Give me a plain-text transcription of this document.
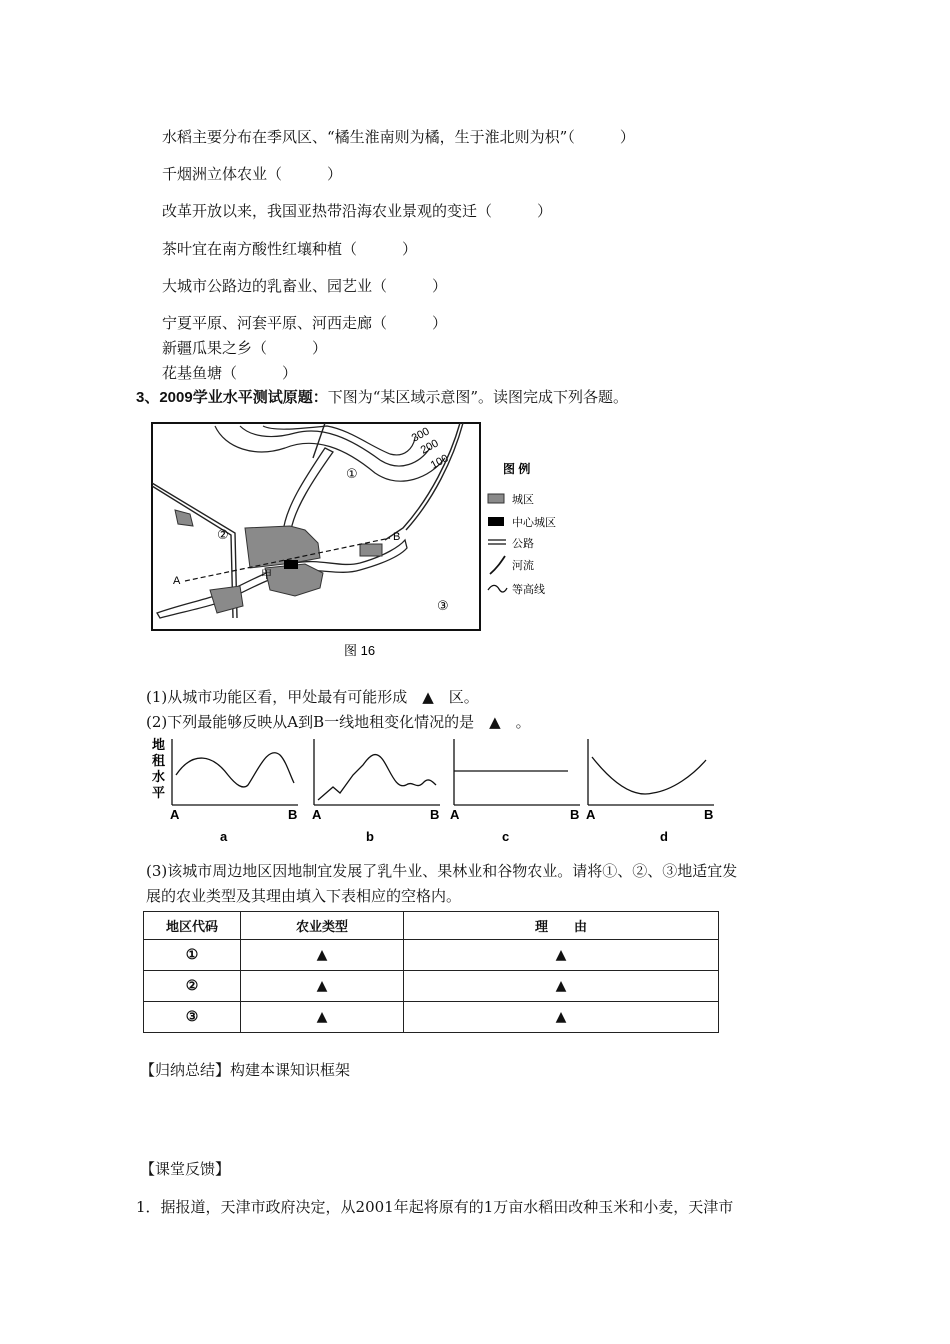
水稻主要分布在季风区、“橘生淮南则为橘，生于淮北则为枳”（　　　）
千烟洲立体农业（　　　）
改革开放以来，我国亚热带沿海农业景观的变迁（　　　）
茶叶宜在南方酸性红壤种植（　　　）
大城市公路边的乳畜业、园艺业（　　　）
宁夏平原、河套平原、河西走廊（　　　）
新疆瓜果之乡（　　　）
花基鱼塘（　　　）
3、2009学业水平测试原题：下图为“某区域示意图”。读图完成下列各题。
300
200
100
A
B
甲
①
②
③
图 例
城区
中心城区
公路
河流
等高线
图 16
(1)从城市功能区看，甲处最有可能形成　▲　区。
(2)下列最能够反映从A到B一线地租变化情况的是　▲　。
地
租
水
平
A	B
a
A	B
b
A	B
c
A	B
d
(3)该城市周边地区因地制宜发展了乳牛业、果林业和谷物农业。请将①、②、③地适宜发
展的农业类型及其理由填入下表相应的空格内。
地区代码	农业类型	理　　由
①	▲	▲
②	▲	▲
③	▲	▲
【归纳总结】构建本课知识框架
【课堂反馈】
1．据报道，天津市政府决定，从2001年起将原有的1万亩水稻田改种玉米和小麦，天津市
